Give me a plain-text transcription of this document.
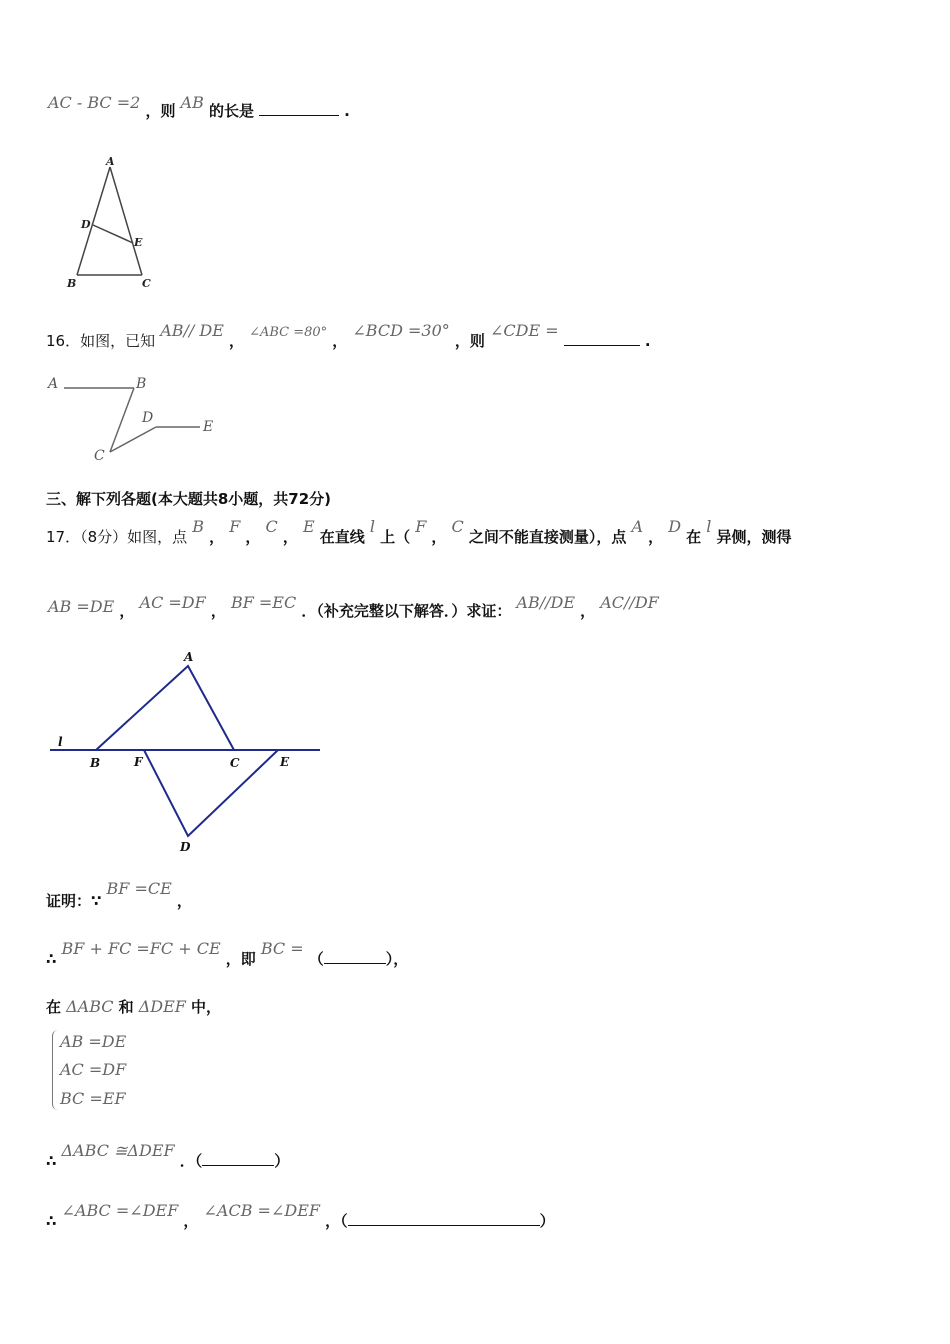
AC - BC =2 ，则 AB 的长是	.
A
D
E
B	C
16．如图，已知 AB// DE ， $^{\angle ABC =80^\circ}$ ， ∠BCD =30° ，则 ∠CDE =  .
A	B
D
E
C
三、解下列各题(本大题共8小题，共72分)
17．（8分）如图，点 B ， F ， C ， E 在直线 l 上（ F ， C 之间不能直接测量），点 A ， D 在 l 异侧，测得
AB =DE ， AC =DF ， BF =EC ．（补充完整以下解答．）求证： AB//DE ， AC//DF
A
l
B	F	C	E
D
证明：∵ BF =CE ，
∴ BF + FC =FC + CE ，即 BC = （	），
在 ΔABC 和 ΔDEF 中，
AB =DE
AC =DF
BC =EF
∴ ΔABC ≅ΔDEF ．（	）
∴ ∠ABC =∠DEF ， ∠ACB =∠DEF ，（	）
